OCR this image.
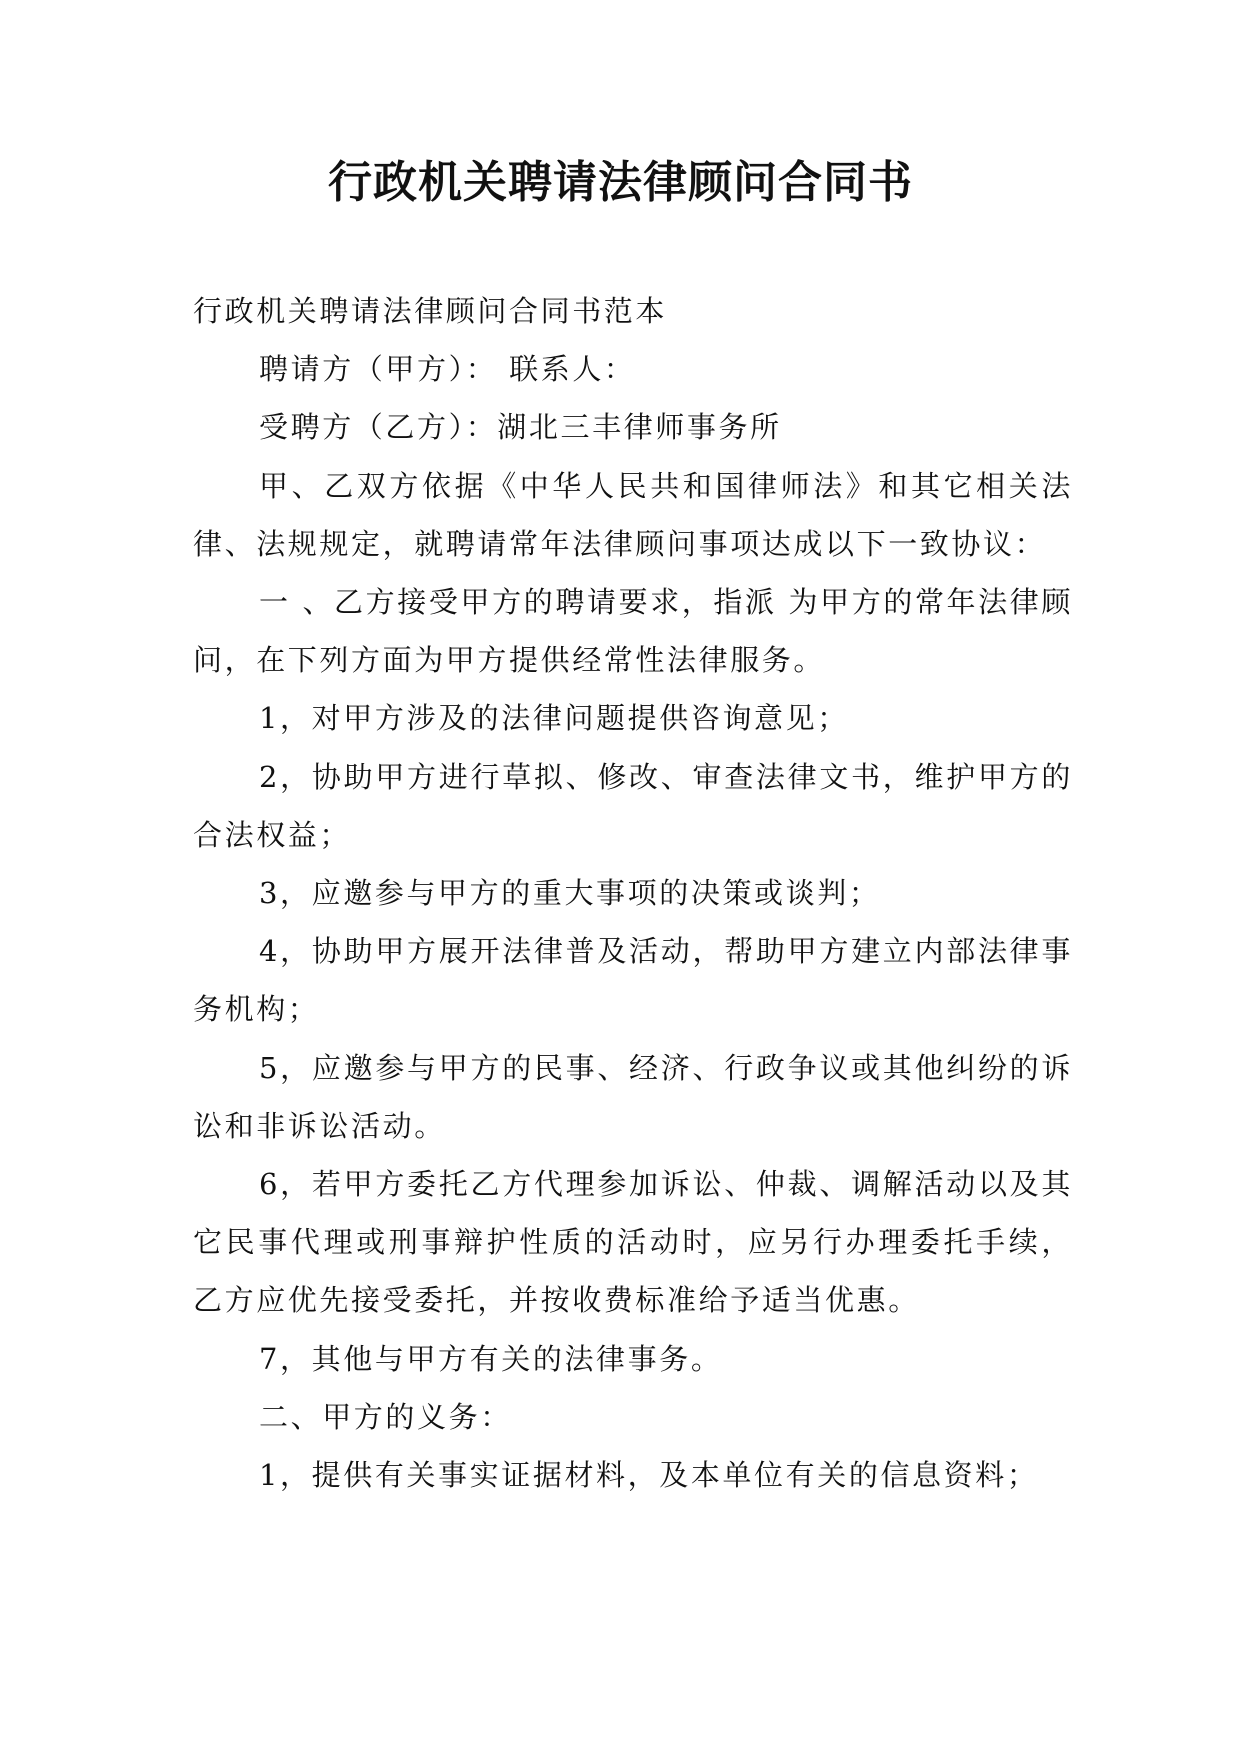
行政机关聘请法律顾问合同书

行政机关聘请法律顾问合同书范本

聘请方（甲方）： 联系人：

受聘方（乙方）：湖北三丰律师事务所

甲、乙双方依据《中华人民共和国律师法》和其它相关法律、法规规定，就聘请常年法律顾问事项达成以下一致协议：

一 、乙方接受甲方的聘请要求，指派 为甲方的常年法律顾问，在下列方面为甲方提供经常性法律服务。

1，对甲方涉及的法律问题提供咨询意见；

2，协助甲方进行草拟、修改、审查法律文书，维护甲方的合法权益；

3，应邀参与甲方的重大事项的决策或谈判；

4，协助甲方展开法律普及活动，帮助甲方建立内部法律事务机构；

5，应邀参与甲方的民事、经济、行政争议或其他纠纷的诉讼和非诉讼活动。

6，若甲方委托乙方代理参加诉讼、仲裁、调解活动以及其它民事代理或刑事辩护性质的活动时，应另行办理委托手续，乙方应优先接受委托，并按收费标准给予适当优惠。

7，其他与甲方有关的法律事务。

二、甲方的义务：

1，提供有关事实证据材料，及本单位有关的信息资料；
